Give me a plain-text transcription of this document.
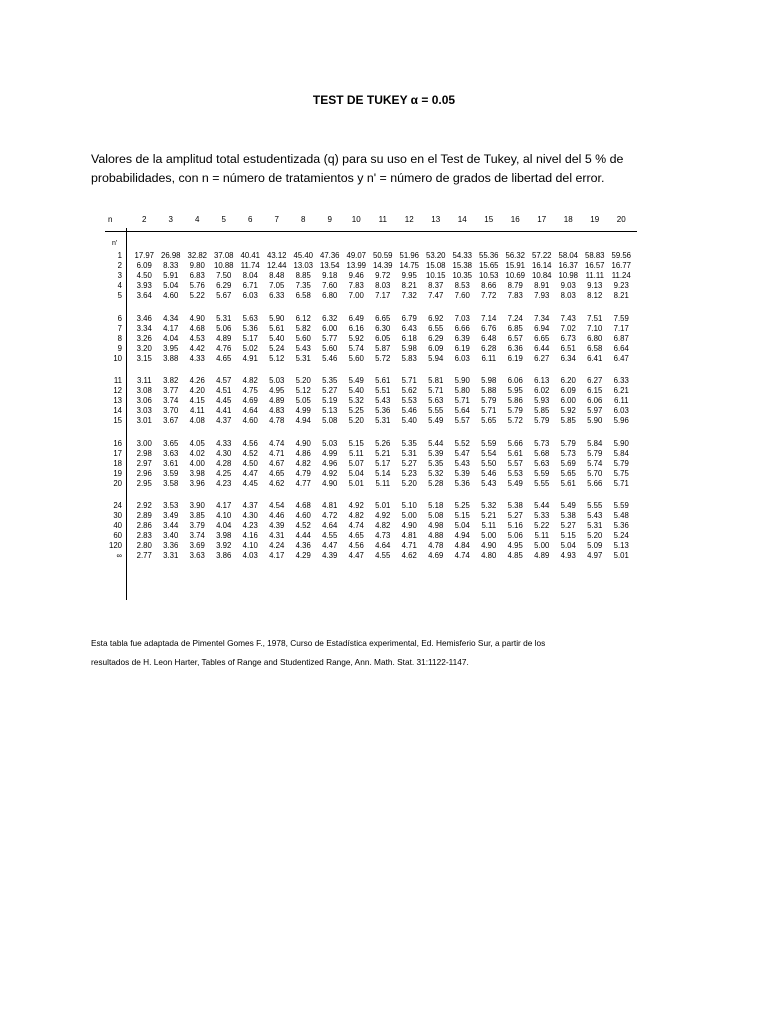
TEST DE TUKEY α = 0.05
Valores de la amplitud total estudentizada (q) para su uso en el Test de Tukey, al nivel del 5 % de
probabilidades, con n = número de tratamientos y n' = número de grados de libertad del error.
n	2	3	4	5	6	7	8	9	10	11	12	13	14	15	16	17	18	19	20
n'
1	17.97 26.98 32.82 37.08 40.41 43.12 45.40 47.36 49.07 50.59 51.96 53.20 54.33 55.36 56.32 57.22 58.04 58.83 59.56
2	6.09	8.33	9.80	10.88 11.74 12.44 13.03 13.54 13.99 14.39 14.75 15.08 15.38 15.65 15.91 16.14 16.37 16.57 16.77
3	4.50	5.91	6.83	7.50	8.04	8.48	8.85	9.18	9.46	9.72	9.95	10.15 10.35 10.53 10.69 10.84 10.98 11.11	11.24
4	3.93	5.04	5.76	6.29	6.71	7.05	7.35	7.60	7.83	8.03	8.21	8.37	8.53	8.66	8.79	8.91	9.03	9.13	9.23
5	3.64	4.60	5.22	5.67	6.03	6.33	6.58	6.80	7.00	7.17	7.32	7.47	7.60	7.72	7.83	7.93	8.03	8.12	8.21
6	3.46	4.34	4.90	5.31	5.63	5.90	6.12	6.32	6.49	6.65	6.79	6.92	7.03	7.14	7.24	7.34	7.43	7.51	7.59
7	3.34	4.17	4.68	5.06	5.36	5.61	5.82	6.00	6.16	6.30	6.43	6.55	6.66	6.76	6.85	6.94	7.02	7.10	7.17
8	3.26	4.04	4.53	4.89	5.17	5.40	5.60	5.77	5.92	6.05	6.18	6.29	6.39	6.48	6.57	6.65	6.73	6.80	6.87
9	3.20	3.95	4.42	4.76	5.02	5.24	5.43	5.60	5.74	5.87	5.98	6.09	6.19	6.28	6.36	6.44	6.51	6.58	6.64
10	3.15	3.88	4.33	4.65	4.91	5.12	5.31	5.46	5.60	5.72	5.83	5.94	6.03	6.11	6.19	6.27	6.34	6.41	6.47
11	3.11	3.82	4.26	4.57	4.82	5.03	5.20	5.35	5.49	5.61	5.71	5.81	5.90	5.98	6.06	6.13	6.20	6.27	6.33
12	3.08	3.77	4.20	4.51	4.75	4.95	5.12	5.27	5.40	5.51	5.62	5.71	5.80	5.88	5.95	6.02	6.09	6.15	6.21
13	3.06	3.74	4.15	4.45	4.69	4.89	5.05	5.19	5.32	5.43	5.53	5.63	5.71	5.79	5.86	5.93	6.00	6.06	6.11
14	3.03	3.70	4.11	4.41	4.64	4.83	4.99	5.13	5.25	5.36	5.46	5.55	5.64	5.71	5.79	5.85	5.92	5.97	6.03
15	3.01	3.67	4.08	4.37	4.60	4.78	4.94	5.08	5.20	5.31	5.40	5.49	5.57	5.65	5.72	5.79	5.85	5.90	5.96
16	3.00	3.65	4.05	4.33	4.56	4.74	4.90	5.03	5.15	5.26	5.35	5.44	5.52	5.59	5.66	5.73	5.79	5.84	5.90
17	2.98	3.63	4.02	4.30	4.52	4.71	4.86	4.99	5.11	5.21	5.31	5.39	5.47	5.54	5.61	5.68	5.73	5.79	5.84
18	2.97	3.61	4.00	4.28	4.50	4.67	4.82	4.96	5.07	5.17	5.27	5.35	5.43	5.50	5.57	5.63	5.69	5.74	5.79
19	2.96	3.59	3.98	4.25	4.47	4.65	4.79	4.92	5.04	5.14	5.23	5.32	5.39	5.46	5.53	5.59	5.65	5.70	5.75
20	2.95	3.58	3.96	4.23	4.45	4.62	4.77	4.90	5.01	5.11	5.20	5.28	5.36	5.43	5.49	5.55	5.61	5.66	5.71
24	2.92	3.53	3.90	4.17	4.37	4.54	4.68	4.81	4.92	5.01	5.10	5.18	5.25	5.32	5.38	5.44	5.49	5.55	5.59
30	2.89	3.49	3.85	4.10	4.30	4.46	4.60	4.72	4.82	4.92	5.00	5.08	5.15	5.21	5.27	5.33	5.38	5.43	5.48
40	2.86	3.44	3.79	4.04	4.23	4.39	4.52	4.64	4.74	4.82	4.90	4.98	5.04	5.11	5.16	5.22	5.27	5.31	5.36
60	2.83	3.40	3.74	3.98	4.16	4.31	4.44	4.55	4.65	4.73	4.81	4.88	4.94	5.00	5.06	5.11	5.15	5.20	5.24
120	2.80	3.36	3.69	3.92	4.10	4.24	4.36	4.47	4.56	4.64	4.71	4.78	4.84	4.90	4.95	5.00	5.04	5.09	5.13
∞	2.77	3.31	3.63	3.86	4.03	4.17	4.29	4.39	4.47	4.55	4.62	4.69	4.74	4.80	4.85	4.89	4.93	4.97	5.01
Esta tabla fue adaptada de Pimentel Gomes F., 1978, Curso de Estadística experimental, Ed. Hemisferio Sur, a partir de los
resultados de H. Leon Harter, Tables of Range and Studentized Range, Ann. Math. Stat. 31:1122-1147.
